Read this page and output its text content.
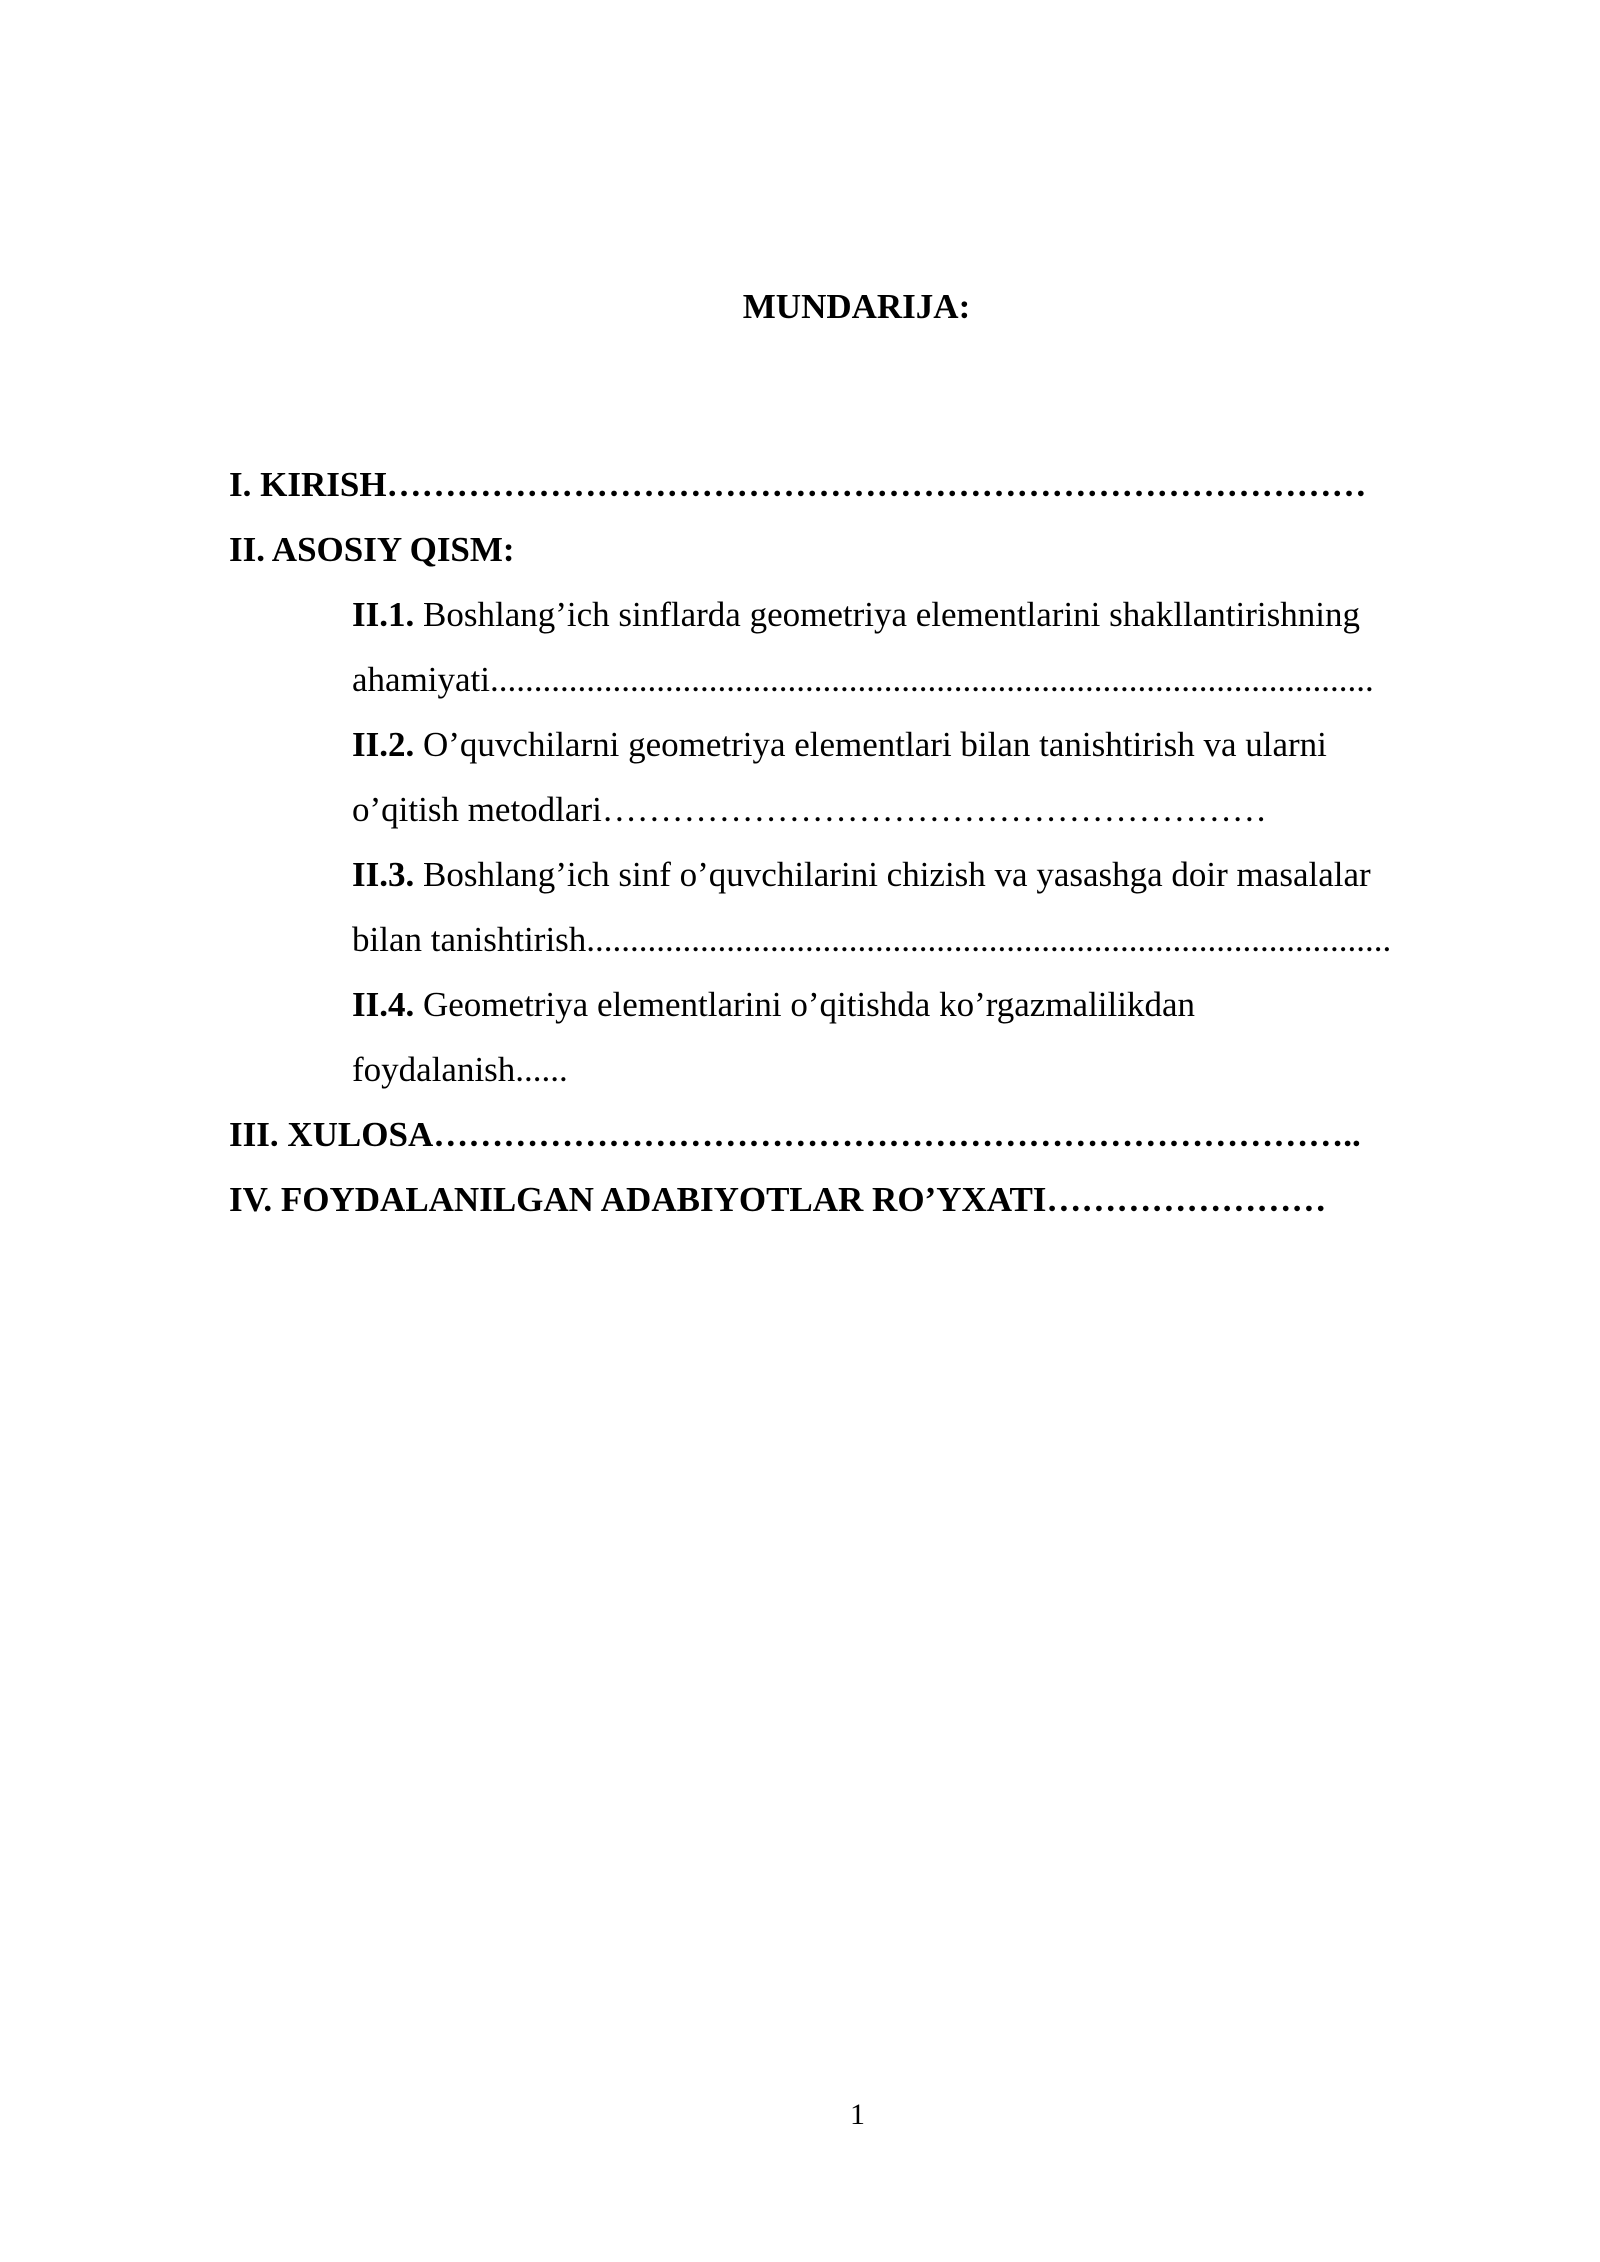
MUNDARIJA:
I. KIRISH…………………………………………………………………………
II. ASOSIY QISM:
II.1. Boshlang’ich sinflarda geometriya elementlarini shakllantirishning
ahamiyati.....................................................................................................
II.2. O’quvchilarni geometriya elementlari bilan tanishtirish va ularni
o’qitish metodlari…………………………………………………
II.3. Boshlang’ich sinf o’quvchilarini chizish va yasashga doir masalalar
bilan tanishtirish............................................................................................
II.4. Geometriya elementlarini o’qitishda ko’rgazmalilikdan
foydalanish......
III. XULOSA……………………………………………………………………..
IV. FOYDALANILGAN ADABIYOTLAR RO’YXATI……………………
1
